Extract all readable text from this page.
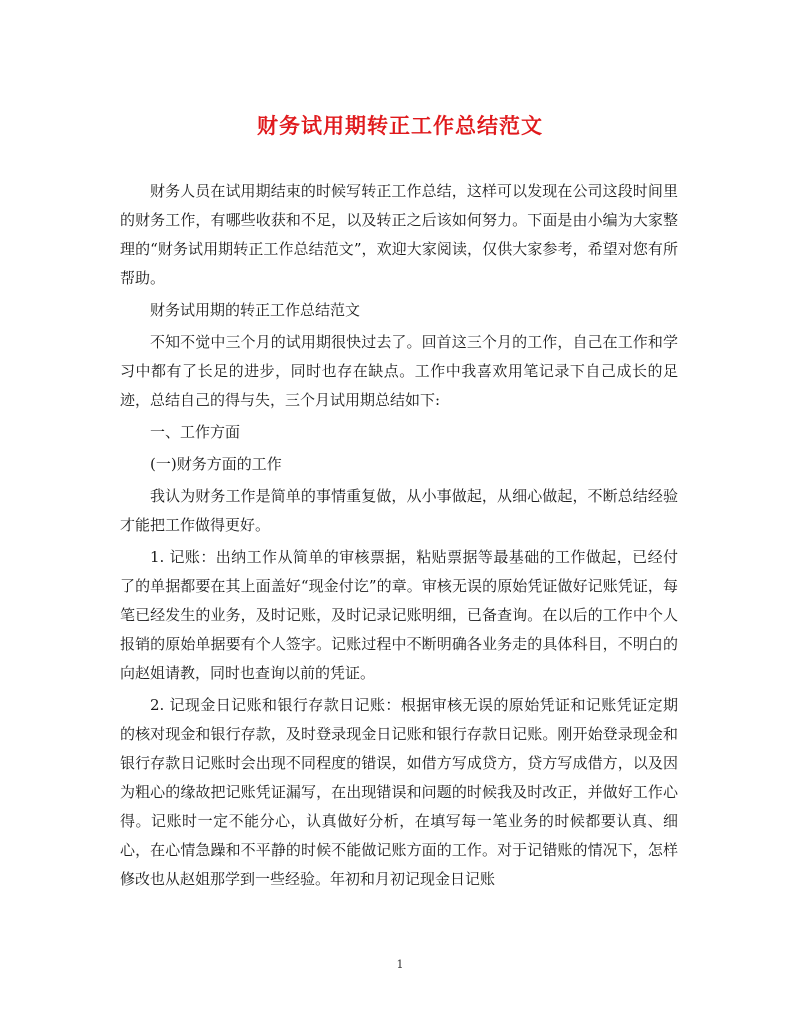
财务试用期转正工作总结范文

财务人员在试用期结束的时候写转正工作总结，这样可以发现在公司这段时间里的财务工作，有哪些收获和不足，以及转正之后该如何努力。下面是由小编为大家整理的“财务试用期转正工作总结范文”，欢迎大家阅读，仅供大家参考，希望对您有所帮助。

财务试用期的转正工作总结范文

不知不觉中三个月的试用期很快过去了。回首这三个月的工作，自己在工作和学习中都有了长足的进步，同时也存在缺点。工作中我喜欢用笔记录下自己成长的足迹，总结自己的得与失，三个月试用期总结如下:

一、工作方面

(一)财务方面的工作

我认为财务工作是简单的事情重复做，从小事做起，从细心做起，不断总结经验才能把工作做得更好。

1. 记账：出纳工作从简单的审核票据，粘贴票据等最基础的工作做起，已经付了的单据都要在其上面盖好“现金付讫”的章。审核无误的原始凭证做好记账凭证，每笔已经发生的业务，及时记账，及时记录记账明细，已备查询。在以后的工作中个人报销的原始单据要有个人签字。记账过程中不断明确各业务走的具体科目，不明白的向赵姐请教，同时也查询以前的凭证。

2. 记现金日记账和银行存款日记账：根据审核无误的原始凭证和记账凭证定期的核对现金和银行存款，及时登录现金日记账和银行存款日记账。刚开始登录现金和银行存款日记账时会出现不同程度的错误，如借方写成贷方，贷方写成借方，以及因为粗心的缘故把记账凭证漏写，在出现错误和问题的时候我及时改正，并做好工作心得。记账时一定不能分心，认真做好分析，在填写每一笔业务的时候都要认真、细心，在心情急躁和不平静的时候不能做记账方面的工作。对于记错账的情况下，怎样修改也从赵姐那学到一些经验。年初和月初记现金日记账

1
